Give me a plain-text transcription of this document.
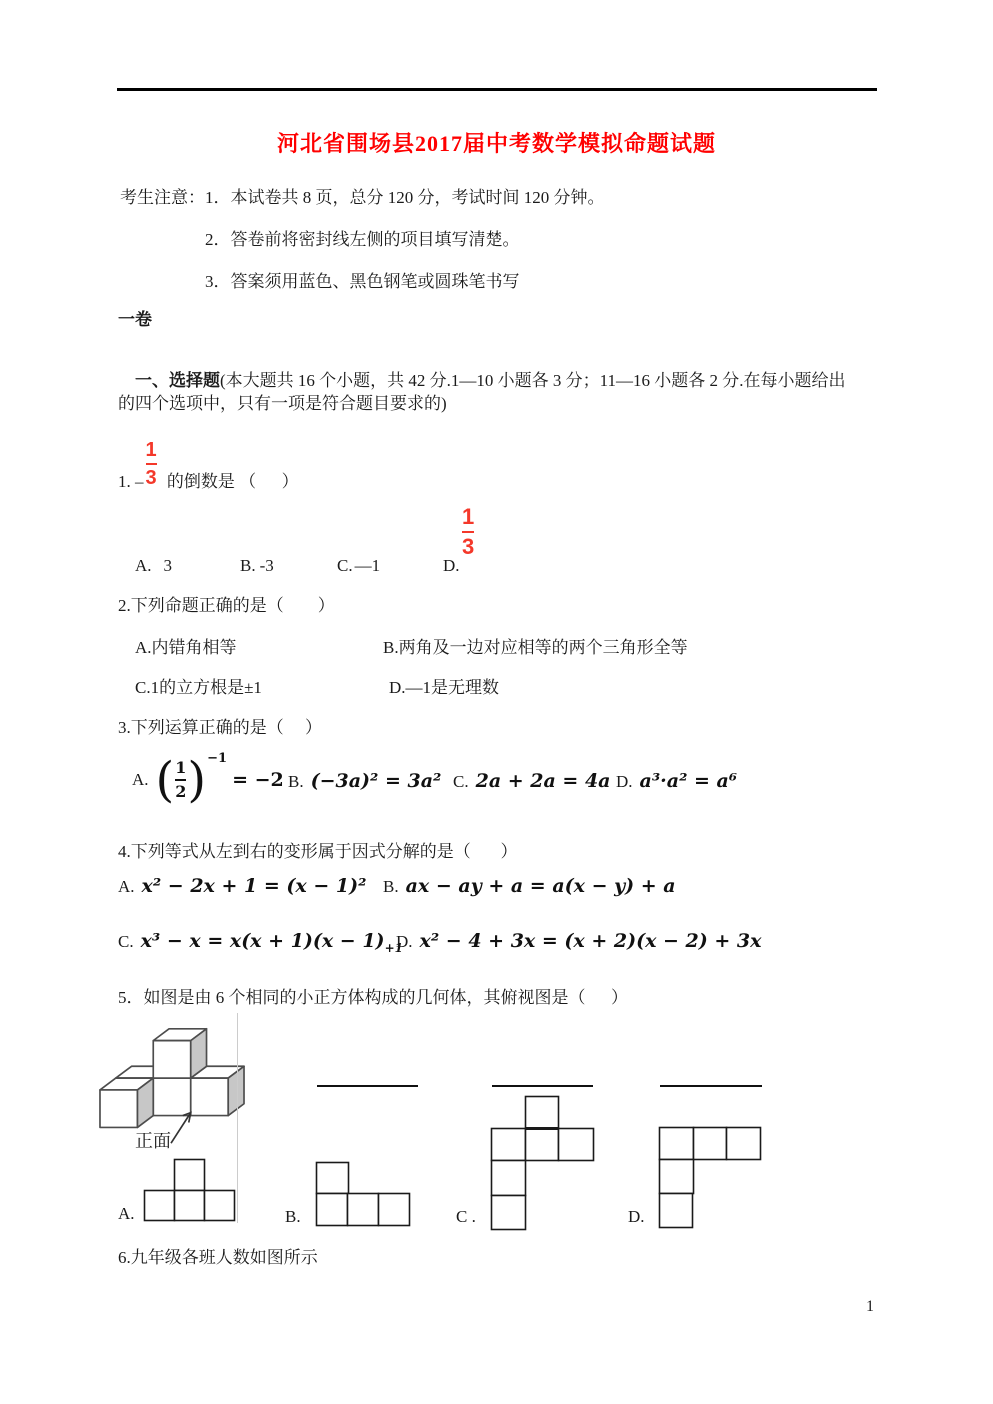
河北省围场县2017届中考数学模拟命题试题
考生注意：1．本试卷共 8 页，总分 120 分，考试时间 120 分钟。
2．答卷前将密封线左侧的项目填写清楚。
3．答案须用蓝色、黑色钢笔或圆珠笔书写
一卷

一、选择题(本大题共 16 个小题，共 42 分.1—10 小题各 3 分；11—16 小题各 2 分.在每小题给出

的四个选项中，只有一项是符合题目要求的)
1. – $\frac{1}{3}$ 的倒数是 （      ）
A. 3	B. -3	C. —1	D.
1
3
2.下列命题正确的是（        ）
A.内错角相等	B.两角及一边对应相等的两个三角形全等
C.1的立方根是±1	D.—1是无理数
3.下列运算正确的是（     ）
A. ( $\frac{1}{2}$ ) −1
= −2 B. (−3a)² = 3a² C. 2a + 2a = 4a D. a³·a² = a⁶
4.下列等式从左到右的变形属于因式分解的是（       ）
A. x² − 2x + 1 = (x − 1)² B. ax − ay + a = a(x − y) + a
C. $x^3 - x = x(x + 1)(x - 1)_{+1}$
D. x² − 4 + 3x = (x + 2)(x − 2) + 3x
5．如图是由 6 个相同的小正方体构成的几何体，其俯视图是（      ）
正面
A.	B.	C .	D.
6.九年级各班人数如图所示
1
